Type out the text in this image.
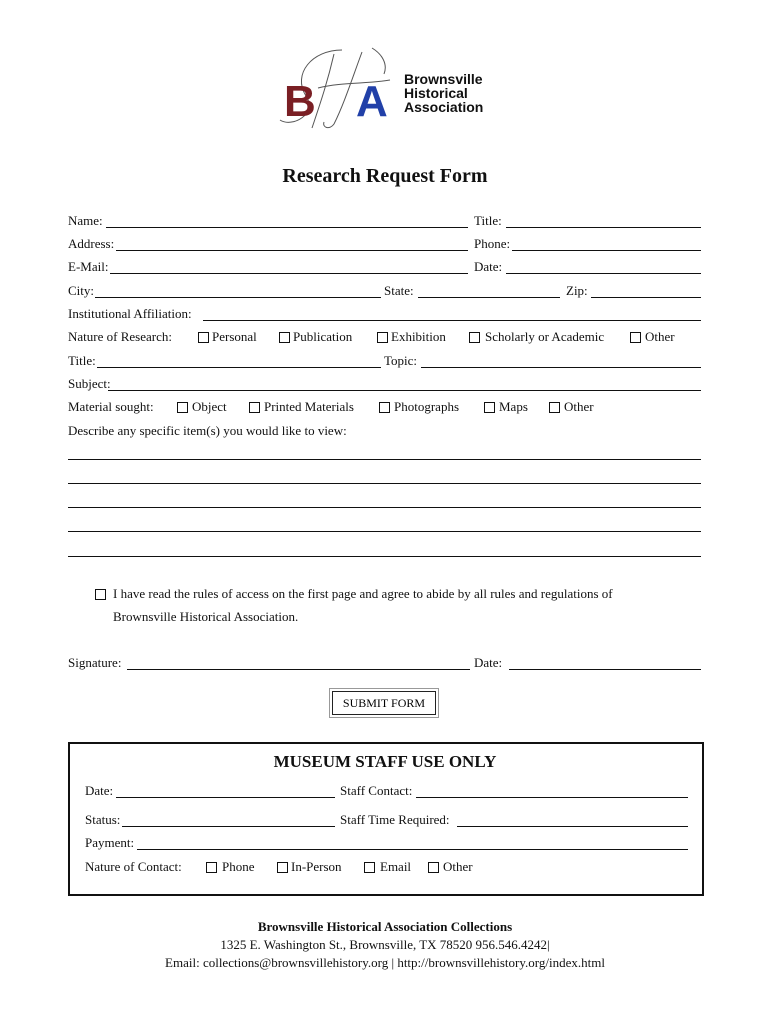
B A Brownsville
Historical
Association
Research Request Form
Name:	Title:
Address:	Phone:
E-Mail:	Date:
City:	State:	Zip:
Institutional Affiliation:
Nature of Research:	Personal	Publication	Exhibition	Scholarly or Academic	Other
Title:	Topic:
Subject:
Material sought:	Object	Printed Materials	Photographs	Maps	Other
Describe any specific item(s) you would like to view:
I have read the rules of access on the first page and agree to abide by all rules and regulations of
Brownsville Historical Association.
Signature:	Date:
SUBMIT FORM
MUSEUM STAFF USE ONLY
Date:	Staff Contact:
Status:	Staff Time Required:
Payment:
Nature of Contact:	Phone	In-Person	Email Other
Brownsville Historical Association Collections
1325 E. Washington St., Brownsville, TX 78520 956.546.4242|
Email: collections@brownsvillehistory.org | http://brownsvillehistory.org/index.html
